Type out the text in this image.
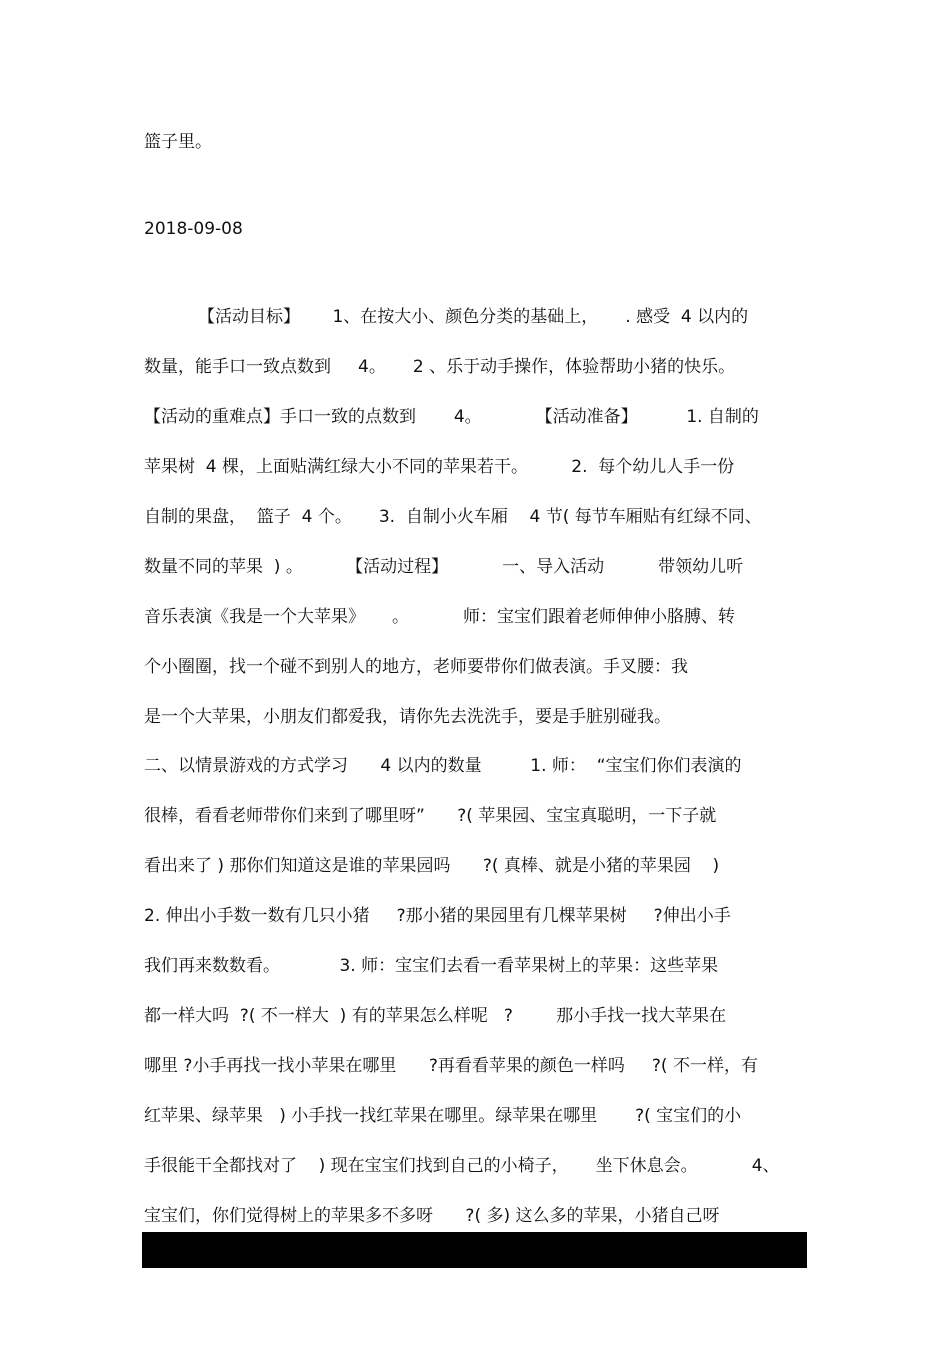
篮子里。

2018-09-08

【活动目标】      1、在按大小、颜色分类的基础上，     . 感受  4 以内的

数量，能手口一致点数到     4。     2 、乐于动手操作，体验帮助小猪的快乐。

【活动的重难点】手口一致的点数到       4。          【活动准备】         1. 自制的

苹果树  4 棵，上面贴满红绿大小不同的苹果若干。        2.  每个幼儿人手一份

自制的果盘，  篮子  4 个。     3.  自制小火车厢    4 节( 每节车厢贴有红绿不同、

数量不同的苹果  ) 。        【活动过程】          一、导入活动          带领幼儿听

音乐表演《我是一个大苹果》     。          师：宝宝们跟着老师伸伸小胳膊、转

个小圈圈，找一个碰不到别人的地方，老师要带你们做表演。手叉腰：我

是一个大苹果，小朋友们都爱我，请你先去洗洗手，要是手脏别碰我。

二、以情景游戏的方式学习      4 以内的数量         1. 师：  “宝宝们你们表演的

很棒，看看老师带你们来到了哪里呀”      ?( 苹果园、宝宝真聪明，一下子就

看出来了 ) 那你们知道这是谁的苹果园吗      ?( 真棒、就是小猪的苹果园    )

2. 伸出小手数一数有几只小猪     ?那小猪的果园里有几棵苹果树     ?伸出小手

我们再来数数看。           3. 师：宝宝们去看一看苹果树上的苹果：这些苹果

都一样大吗  ?( 不一样大  ) 有的苹果怎么样呢   ?        那小手找一找大苹果在

哪里 ?小手再找一找小苹果在哪里      ?再看看苹果的颜色一样吗     ?( 不一样，有

红苹果、绿苹果   ) 小手找一找红苹果在哪里。绿苹果在哪里       ?( 宝宝们的小

手很能干全都找对了    ) 现在宝宝们找到自己的小椅子，     坐下休息会。          4、

宝宝们，你们觉得树上的苹果多不多呀      ?( 多) 这么多的苹果，小猪自己呀
